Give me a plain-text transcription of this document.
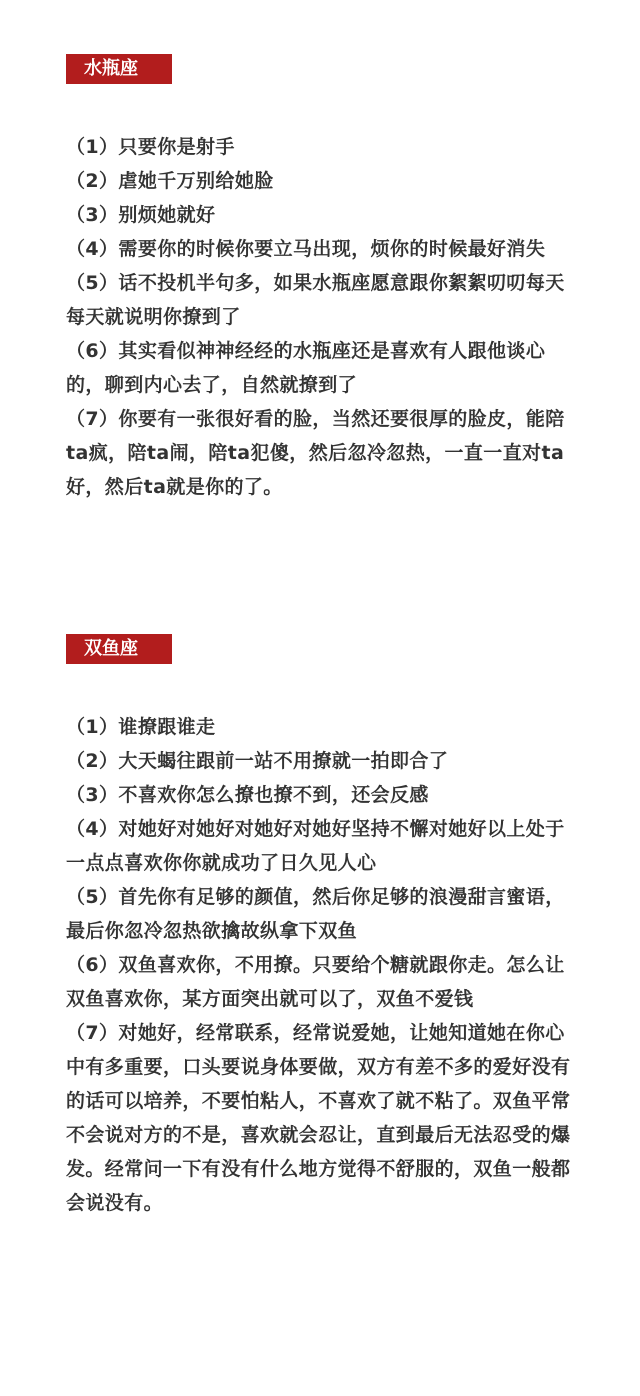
水瓶座
（1）只要你是射手
（2）虐她千万别给她脸
（3）别烦她就好
（4）需要你的时候你要立马出现，烦你的时候最好消失
（5）话不投机半句多，如果水瓶座愿意跟你絮絮叨叨每天每天就说明你撩到了
（6）其实看似神神经经的水瓶座还是喜欢有人跟他谈心的，聊到内心去了，自然就撩到了
（7）你要有一张很好看的脸，当然还要很厚的脸皮，能陪ta疯，陪ta闹，陪ta犯傻，然后忽冷忽热，一直一直对ta好，然后ta就是你的了。
双鱼座
（1）谁撩跟谁走
（2）大天蝎往跟前一站不用撩就一拍即合了
（3）不喜欢你怎么撩也撩不到，还会反感
（4）对她好对她好对她好对她好坚持不懈对她好以上处于一点点喜欢你你就成功了日久见人心
（5）首先你有足够的颜值，然后你足够的浪漫甜言蜜语，最后你忽冷忽热欲擒故纵拿下双鱼
（6）双鱼喜欢你，不用撩。只要给个糖就跟你走。怎么让双鱼喜欢你，某方面突出就可以了，双鱼不爱钱
（7）对她好，经常联系，经常说爱她，让她知道她在你心中有多重要，口头要说身体要做，双方有差不多的爱好没有的话可以培养，不要怕粘人，不喜欢了就不粘了。双鱼平常不会说对方的不是，喜欢就会忍让，直到最后无法忍受的爆发。经常问一下有没有什么地方觉得不舒服的，双鱼一般都会说没有。
